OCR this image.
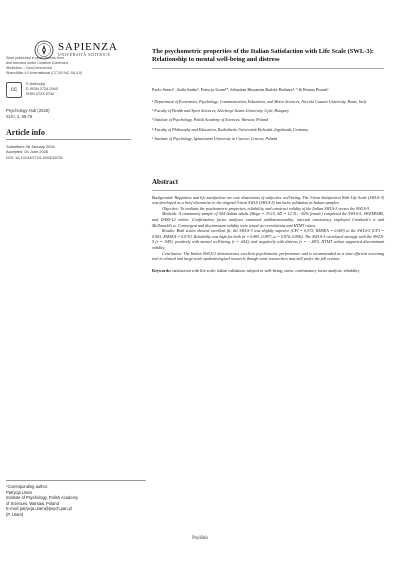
SAPIENZA
UNIVERSITÀ EDITRICE
Work published in open access form
and licensed under Creative Commons
Attribution – NonCommercial
ShareAlike 4.0 International (CC BY-NC-SA 4.0)
cc
© Author(s)
E-ISSN 2724-2943
ISSN 2723-973X
Psychology Hub (2026)
XLIII, 2, 65-76
Article info
Submitted: 08 January 2026
Accepted: 04 June 2026
DOI: 10.13133/2724-2943/19231
The psychometric properties of the Italian Satisfaction with Life Scale (SWL-3): Relationship to mental well-being and distress
Paolo Soraci¹, Attila Szabo², Patrycja Uram³*, Sebastian Binyamin Skalski-Bednarz⁴, ⁵ & Renato Pisanti¹
¹ Department of Economics, Psychology, Communication, Education, and Motor Sciences, Niccolò Cusano University, Rome, Italy
² Faculty of Health and Sport Sciences, Széchenyi István University, Győr, Hungary
³ Institute of Psychology, Polish Academy of Sciences, Warsaw, Poland
⁴ Faculty of Philosophy and Education, Katholische Universität Eichstätt–Ingolstadt, Germany
⁵ Institute of Psychology, Ignatianum University in Cracow, Cracow, Poland
Abstract

Background: Happiness and life satisfaction are core dimensions of subjective well-being. The 3-item Satisfaction With Life Scale (SWLS-3) was developed as a brief alternative to the original 5-item SWLS (SWLS-5) but lacks validation in Italian samples.

Objective: To evaluate the psychometric properties, reliability, and construct validity of the Italian SWLS-3 versus the SWLS-5.

Methods: A community sample of 504 Italian adults (Mage = 35.15, SD = 12.31; ~82% female) completed the SWLS-5, SWEMWBS, and DASS-12 online. Confirmatory factor analyses examined unidimensionality; internal consistency employed Cronbach's α and McDonald's ω. Convergent and discriminant validity were tested via correlations and HTMT ratios.

Results: Both scales showed excellent fit; the SWLS-3 was slightly superior (CFI = 0.972, RMSEA = 0.069) to the SWLS-5 (CFI = 0.963, RMSEA = 0.070). Reliability was high for both (α = 0.881–0.897; ω = 0.876–0.896). The SWLS-3 correlated strongly with the SWLS-5 (r = .949), positively with mental well-being (r = .654), and negatively with distress (r = −.483). HTMT values supported discriminant validity.

Conclusion: The Italian SWLS-3 demonstrates excellent psychometric performance and is recommended as a time-efficient screening tool in clinical and large-scale epidemiological research, though some researchers may still prefer the full version.

Keywords: satisfaction with life scale; italian validation; subjective well-being; stress; confirmatory factor analysis; reliability
*Corresponding author.
Patrycja Uram
Institute of Psychology, Polish Academy
of Sciences, Warsaw, Poland
E-mail: patrycja.uram@psych.pan.pl
(P. Uram)
PsyHub
